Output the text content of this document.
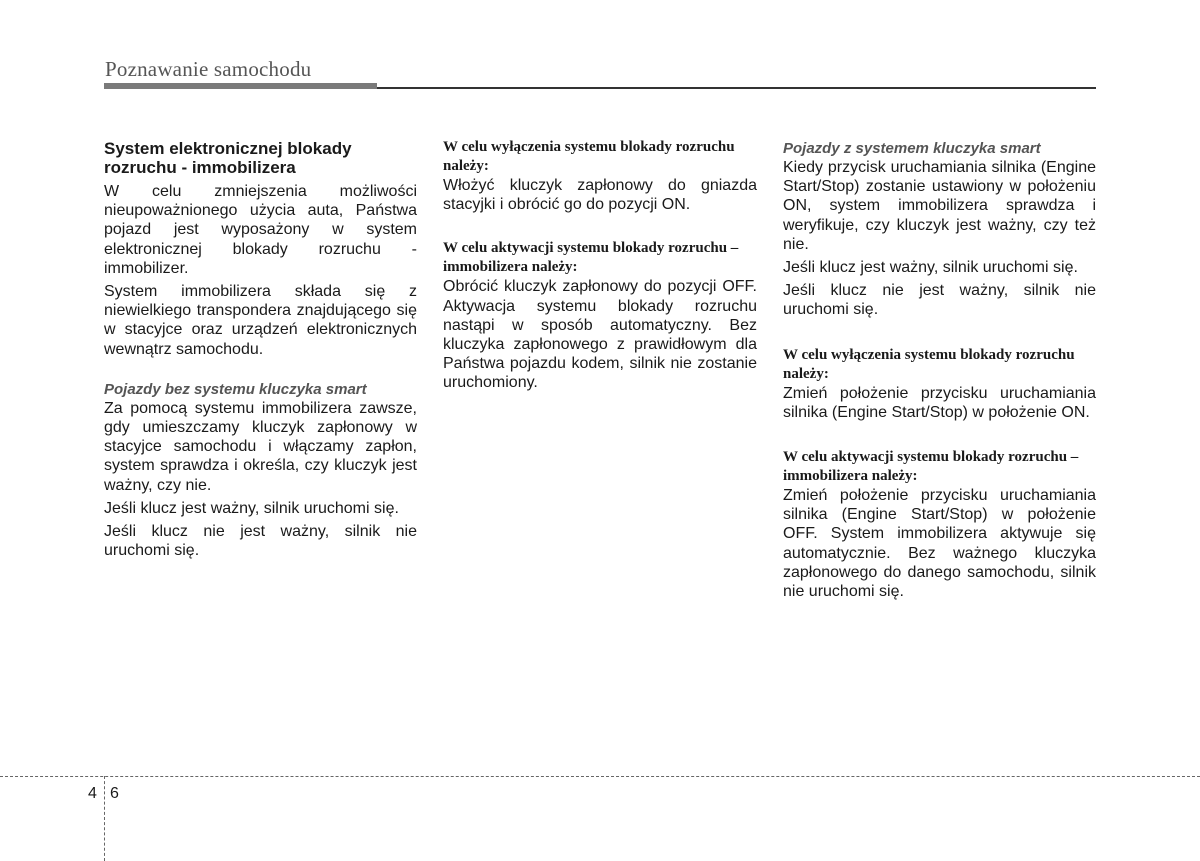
Poznawanie samochodu
System elektronicznej blokady rozruchu - immobilizera

W celu zmniejszenia możliwości nieupoważnionego użycia auta, Państwa pojazd jest wyposażony w system elektronicznej blokady rozruchu - immobilizer.

System immobilizera składa się z niewielkiego transpondera znajdującego się w stacyjce oraz urządzeń elektronicznych wewnątrz samochodu.

Pojazdy bez systemu kluczyka smart

Za pomocą systemu immobilizera zawsze, gdy umieszczamy kluczyk zapłonowy w stacyjce samochodu i włączamy zapłon, system sprawdza i określa, czy kluczyk jest ważny, czy nie.

Jeśli klucz jest ważny, silnik uruchomi się.

Jeśli klucz nie jest ważny, silnik nie uruchomi się.

W celu wyłączenia systemu blokady rozruchu należy:

Włożyć kluczyk zapłonowy do gniazda stacyjki i obrócić go do pozycji ON.

W celu aktywacji systemu blokady rozruchu – immobilizera należy:

Obrócić kluczyk zapłonowy do pozycji OFF. Aktywacja systemu blokady rozruchu nastąpi w sposób automatyczny. Bez kluczyka zapłonowego z prawidłowym dla Państwa pojazdu kodem, silnik nie zostanie uruchomiony.

Pojazdy z systemem kluczyka smart

Kiedy przycisk uruchamiania silnika (Engine Start/Stop) zostanie ustawiony w położeniu ON, system immobilizera sprawdza i weryfikuje, czy kluczyk jest ważny, czy też nie.

Jeśli klucz jest ważny, silnik uruchomi się.

Jeśli klucz nie jest ważny, silnik nie uruchomi się.

W celu wyłączenia systemu blokady rozruchu należy:

Zmień położenie przycisku uruchamiania silnika (Engine Start/Stop) w położenie ON.

W celu aktywacji systemu blokady rozruchu – immobilizera należy:

Zmień położenie przycisku uruchamiania silnika (Engine Start/Stop) w położenie OFF. System immobilizera aktywuje się automatycznie. Bez ważnego kluczyka zapłonowego do danego samochodu, silnik nie uruchomi się.

4 6
